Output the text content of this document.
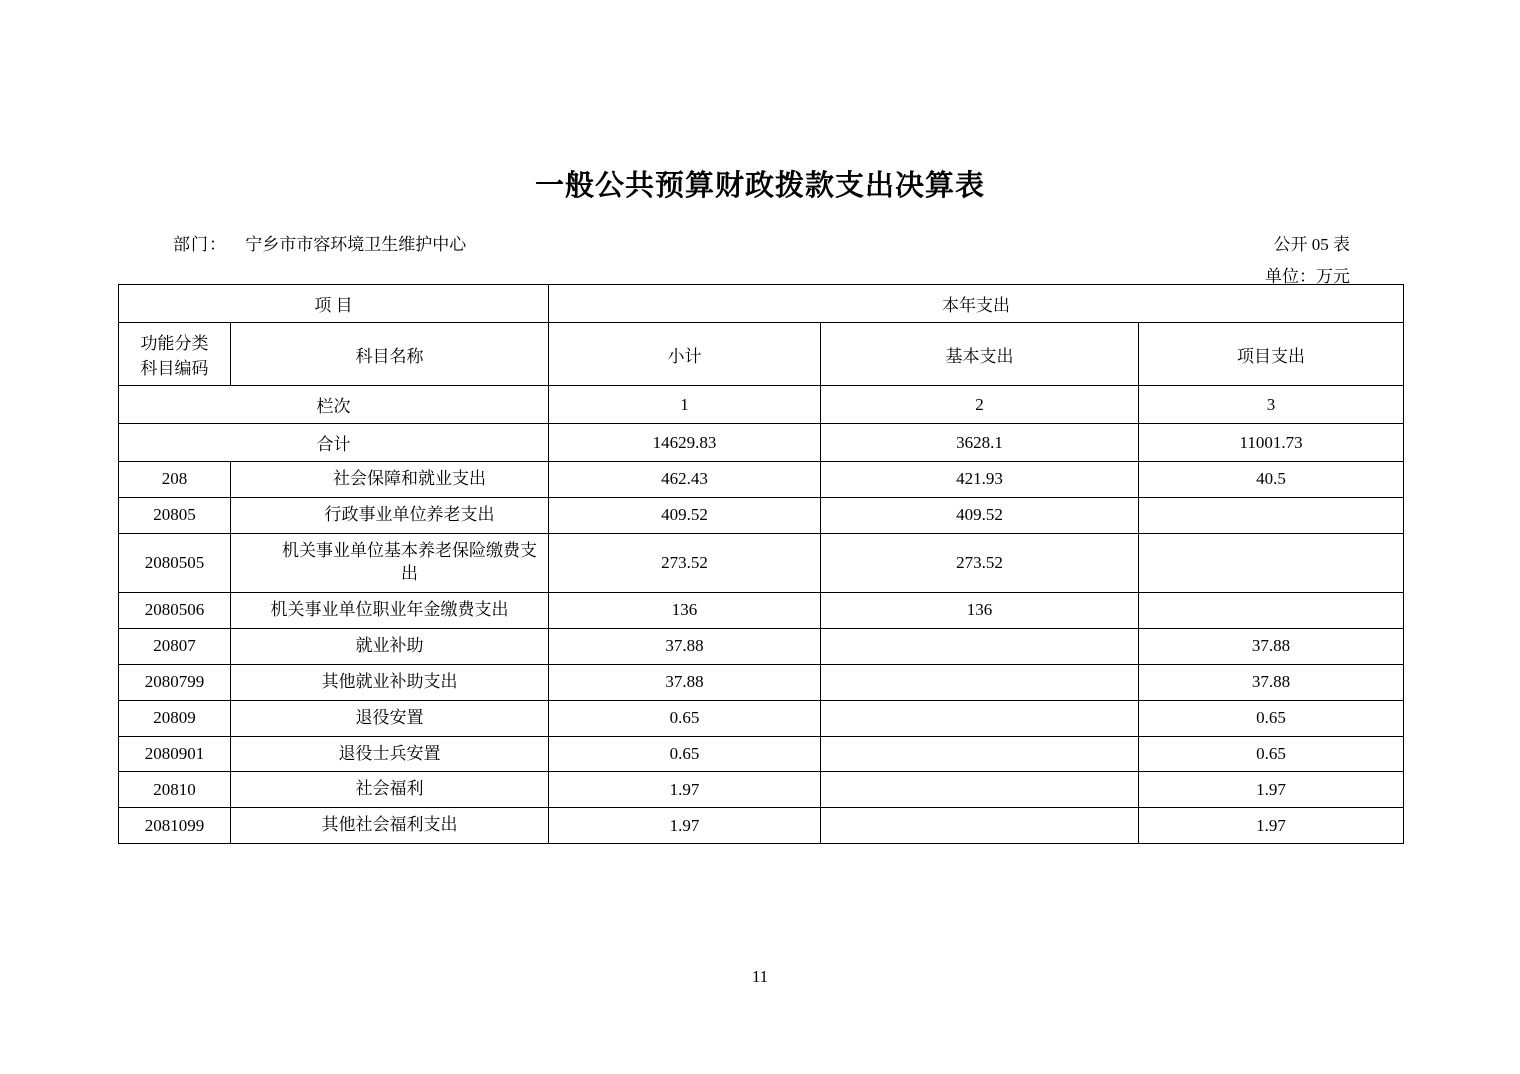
一般公共预算财政拨款支出决算表
部门： 宁乡市市容环境卫生维护中心	公开 05 表
单位：万元
项 目		本年支出		

功能分类
科目编码	科目名称	小计	基本支出	项目支出
栏次		1	2	3
合计		14629.83	3628.1	11001.73
208	社会保障和就业支出	462.43	421.93	40.5
20805	行政事业单位养老支出	409.52	409.52	
2080505	机关事业单位基本养老保险缴费支出	273.52	273.52	
2080506	机关事业单位职业年金缴费支出	136	136	
20807	就业补助	37.88		37.88
2080799	其他就业补助支出	37.88		37.88
20809	退役安置	0.65		0.65
2080901	退役士兵安置	0.65		0.65
20810	社会福利	1.97		1.97
2081099	其他社会福利支出	1.97		1.97
11
